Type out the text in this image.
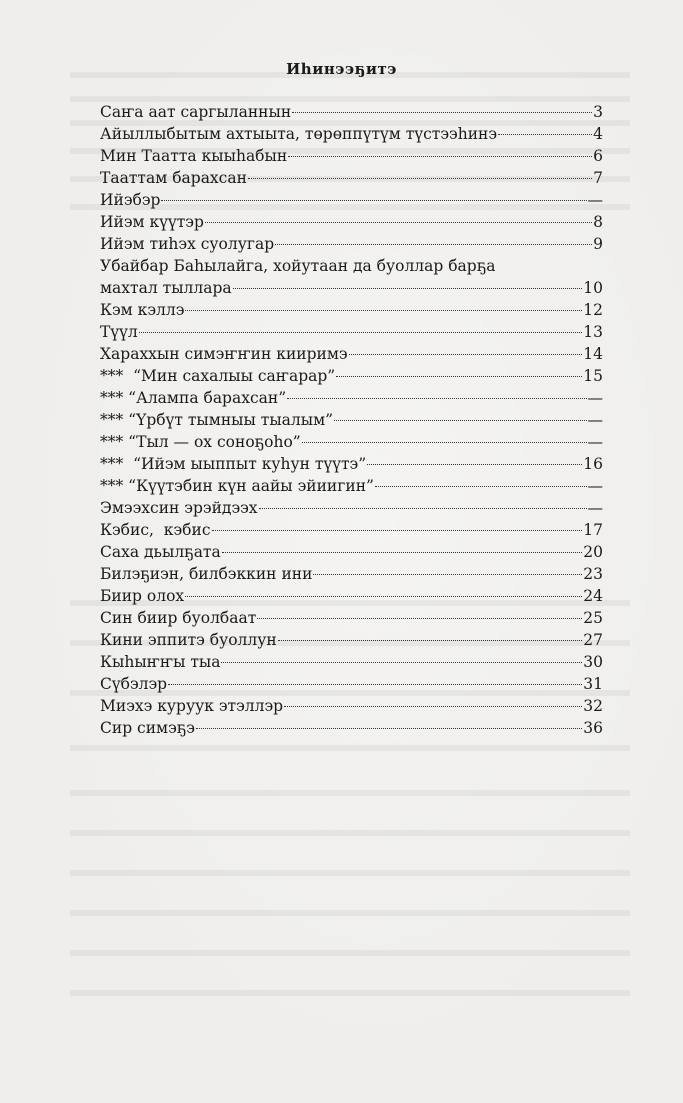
Иһинээҕитэ
Саҥа аат саргыланнын	3
Айыллыбытым ахтыыта, төрөппүтүм түстээһинэ	4
Мин Таатта кыыһабын	6
Тааттам барахсан	7
Ийэбэр	—
Ийэм күүтэр	8
Ийэм тиһэх суолугар	9
Убайбар Баһылайга, хойутаан да буоллар барҕа
махтал тыллара	10
Кэм кэллэ	12
Түүл	13
Хараххын симэҥҥин кииримэ	14
***  “Мин сахалыы саҥарар”	15
*** “Алампа барахсан”	—
*** “Үрбүт тымныы тыалым”	—
*** “Тыл — ох соноҕоһо”	—
***  “Ийэм ыыппыт куһун түүтэ”	16
*** “Күүтэбин күн аайы эйиигин”	—
Эмээхсин эрэйдээх	—
Кэбис,  кэбис	17
Саха дьылҕата	20
Билэҕиэн, билбэккин ини	23
Биир олох	24
Син биир буолбаат	25
Кини эппитэ буоллун	27
Кыһыҥҥы тыа	30
Сүбэлэр	31
Миэхэ куруук этэллэр	32
Сир симэҕэ	36
